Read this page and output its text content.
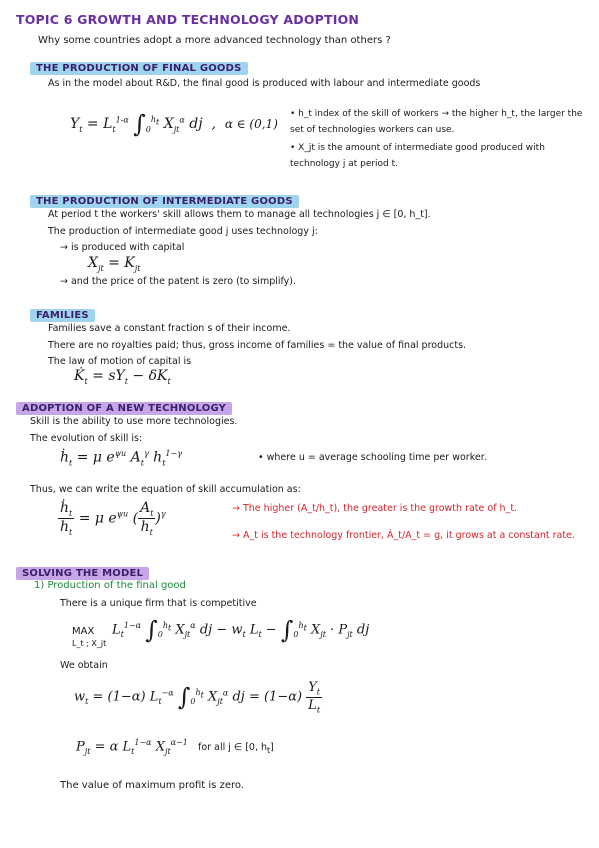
TOPIC 6 GROWTH AND TECHNOLOGY ADOPTION
Why some countries adopt a more advanced technology than others ?
THE PRODUCTION OF FINAL GOODS
As in the model about R&D, the final good is produced with labour and intermediate goods
$Y_t = L_t^{1-\alpha}$ $\int_0^{h_t}$ $X_{jt}^\alpha$ dj  ,  α ∈ (0,1)
• h_t index of the skill of workers → the higher h_t, the larger the set of technologies workers can use.
• X_jt is the amount of intermediate good produced with technology j at period t.
THE PRODUCTION OF INTERMEDIATE GOODS
At period t the workers' skill allows them to manage all technologies j ∈ [0, h_t].
The production of intermediate good j uses technology j:
→ is produced with capital
$X_{jt} = K_{jt}$
→ and the price of the patent is zero (to simplify).
FAMILIES
Families save a constant fraction s of their income.
There are no royalties paid; thus, gross income of families = the value of final products.
The law of motion of capital is
$K̇_t = sY_t - \delta K_t$
ADOPTION OF A NEW TECHNOLOGY
Skill is the ability to use more technologies.
The evolution of skill is:
ḣ$_t$ = μ $e^{\psi u}$ $A_t^\gamma$ $h_t^{1-\gamma}$	• where u = average schooling time per worker.
Thus, we can write the equation of skill accumulation as:
$\frac{ḣ_t}{h_t} = \mu$ $e^{\psi u}$ ( $\frac{A_t}{h_t} )^\gamma$
→ The higher (A_t/h_t), the greater is the growth rate of h_t.
→ A_t is the technology frontier, Ȧ_t/A_t = g, it grows at a constant rate.
SOLVING THE MODEL
1) Production of the final good
There is a unique firm that is competitive
MAX
L_t ; X_jt
$L_t^{1-\alpha}$ $\int_0^{h_t}$ $X_{jt}^\alpha$ dj − $w_t$ $L_t - \int_0^{h_t}$ $X_{jt} \cdot P_{jt}$ dj
We obtain
$w_t = (1-\alpha)$ $L_t^{-\alpha}$ $\int_0^{h_t}$ $X_{jt}^\alpha$ dj = $(1-\alpha) \frac{Y_t}{L_t}$
$P_{jt} = \alpha$ $L_t^{1-\alpha}$ $X_{jt}^{\alpha-1}$   for all j ∈ [0, $h_t$]
The value of maximum profit is zero.
